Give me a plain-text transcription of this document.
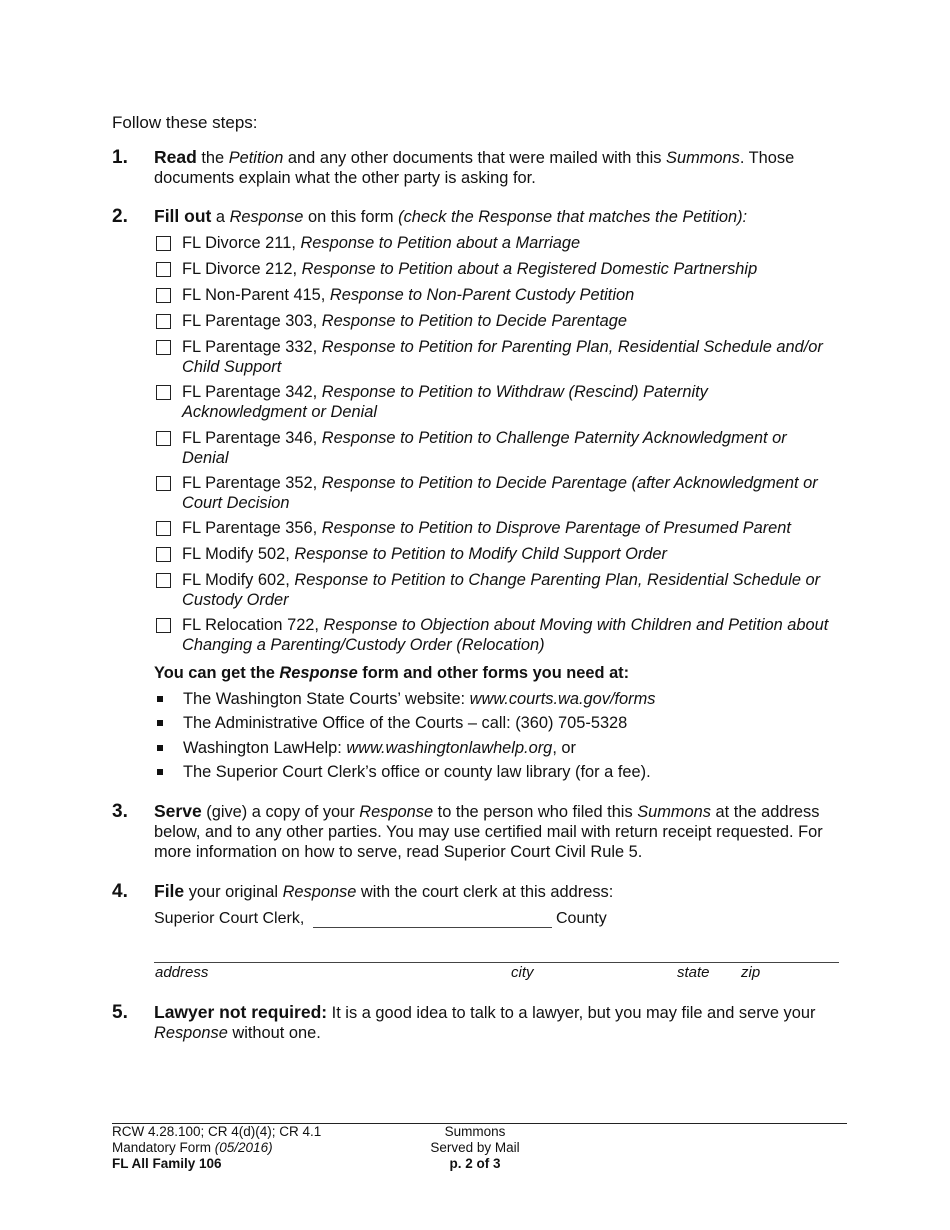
Follow these steps:
1. Read the Petition and any other documents that were mailed with this Summons. Those documents explain what the other party is asking for.
2. Fill out a Response on this form (check the Response that matches the Petition):
FL Divorce 211, Response to Petition about a Marriage
FL Divorce 212, Response to Petition about a Registered Domestic Partnership
FL Non-Parent 415, Response to Non-Parent Custody Petition
FL Parentage 303, Response to Petition to Decide Parentage
FL Parentage 332, Response to Petition for Parenting Plan, Residential Schedule and/or Child Support
FL Parentage 342, Response to Petition to Withdraw (Rescind) Paternity Acknowledgment or Denial
FL Parentage 346, Response to Petition to Challenge Paternity Acknowledgment or Denial
FL Parentage 352, Response to Petition to Decide Parentage (after Acknowledgment or Court Decision
FL Parentage 356, Response to Petition to Disprove Parentage of Presumed Parent
FL Modify 502, Response to Petition to Modify Child Support Order
FL Modify 602, Response to Petition to Change Parenting Plan, Residential Schedule or Custody Order
FL Relocation 722, Response to Objection about Moving with Children and Petition about Changing a Parenting/Custody Order (Relocation)
You can get the Response form and other forms you need at:
The Washington State Courts’ website: www.courts.wa.gov/forms
The Administrative Office of the Courts – call: (360) 705-5328
Washington LawHelp: www.washingtonlawhelp.org, or
The Superior Court Clerk’s office or county law library (for a fee).
3. Serve (give) a copy of your Response to the person who filed this Summons at the address below, and to any other parties. You may use certified mail with return receipt requested. For more information on how to serve, read Superior Court Civil Rule 5.
4. File your original Response with the court clerk at this address:
Superior Court Clerk,	County
address	city	state zip
5. Lawyer not required: It is a good idea to talk to a lawyer, but you may file and serve your Response without one.
RCW 4.28.100; CR 4(d)(4); CR 4.1
Mandatory Form (05/2016)
FL All Family 106
Summons
Served by Mail
p. 2 of 3
